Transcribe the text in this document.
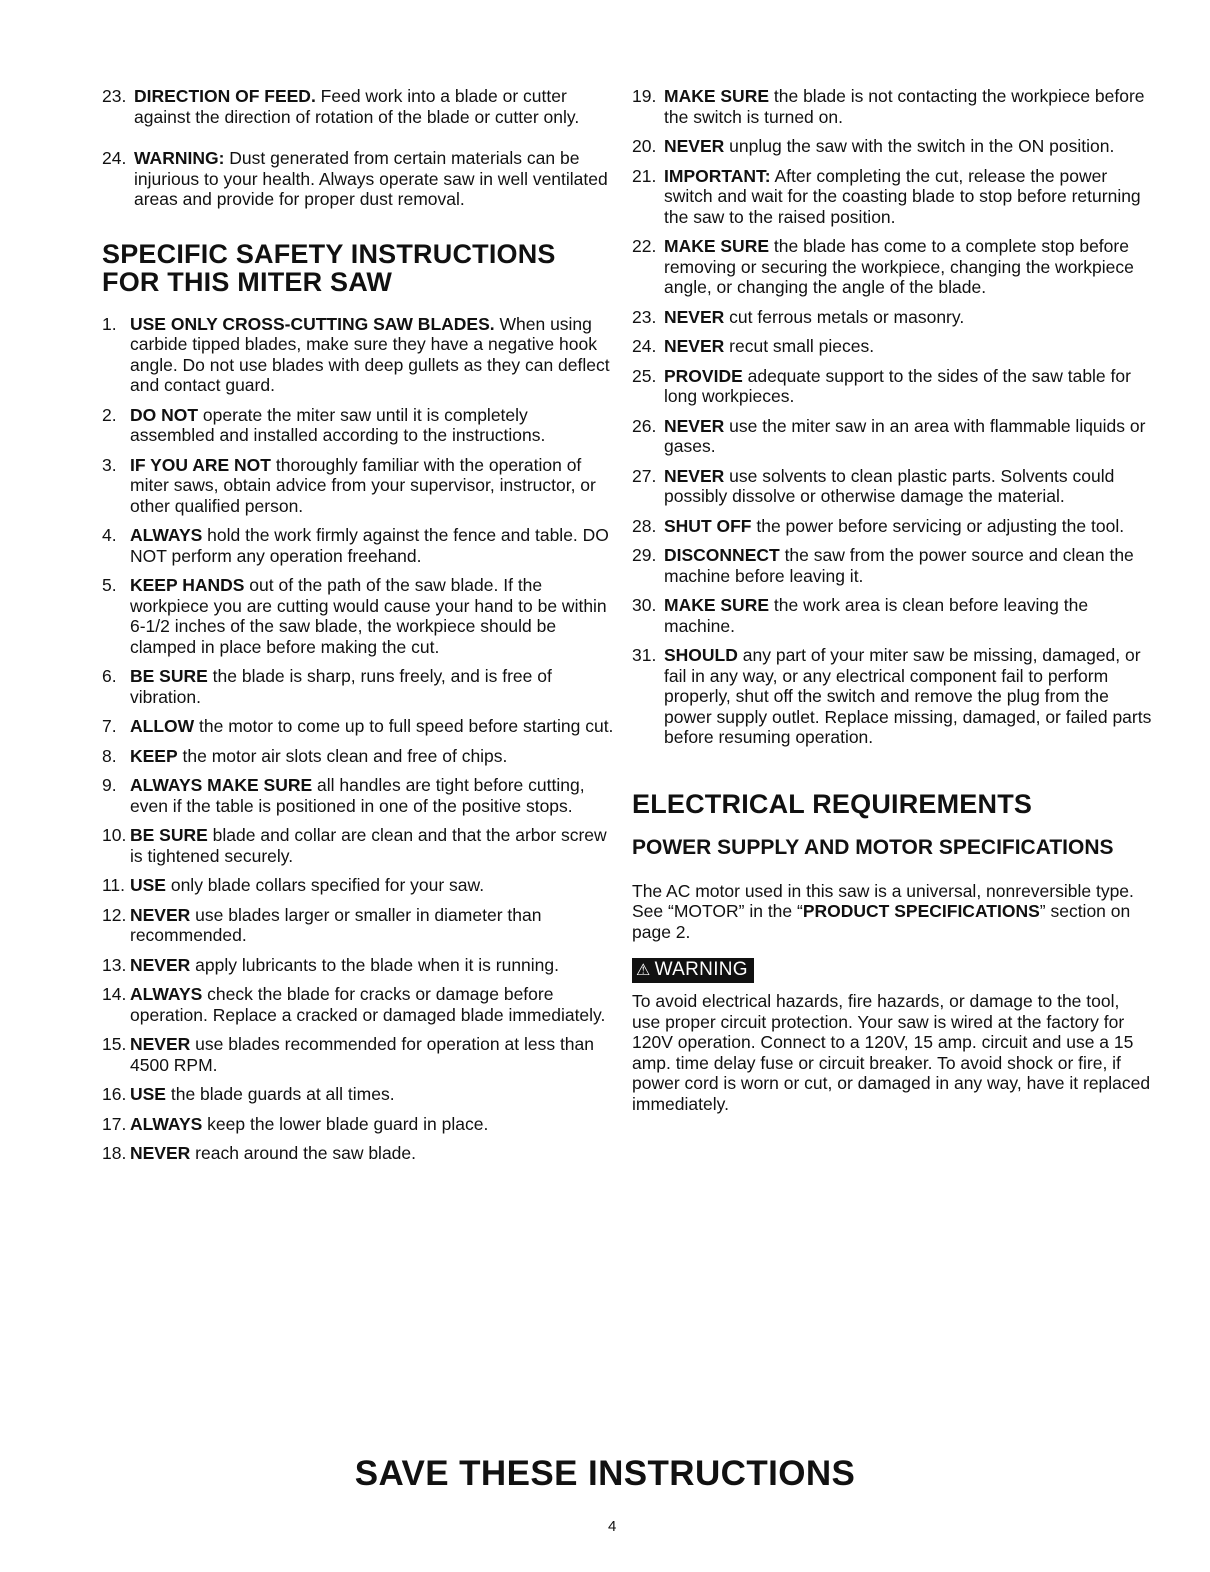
23. DIRECTION OF FEED. Feed work into a blade or cutter against the direction of rotation of the blade or cutter only.
24. WARNING: Dust generated from certain materials can be injurious to your health. Always operate saw in well ventilated areas and provide for proper dust removal.
SPECIFIC SAFETY INSTRUCTIONS FOR THIS MITER SAW
1. USE ONLY CROSS-CUTTING SAW BLADES. When using carbide tipped blades, make sure they have a negative hook angle. Do not use blades with deep gullets as they can deflect and contact guard.
2. DO NOT operate the miter saw until it is completely assembled and installed according to the instructions.
3. IF YOU ARE NOT thoroughly familiar with the operation of miter saws, obtain advice from your supervisor, instructor, or other qualified person.
4. ALWAYS hold the work firmly against the fence and table. DO NOT perform any operation freehand.
5. KEEP HANDS out of the path of the saw blade. If the workpiece you are cutting would cause your hand to be within 6-1/2 inches of the saw blade, the workpiece should be clamped in place before making the cut.
6. BE SURE the blade is sharp, runs freely, and is free of vibration.
7. ALLOW the motor to come up to full speed before starting cut.
8. KEEP the motor air slots clean and free of chips.
9. ALWAYS MAKE SURE all handles are tight before cutting, even if the table is positioned in one of the positive stops.
10. BE SURE blade and collar are clean and that the arbor screw is tightened securely.
11. USE only blade collars specified for your saw.
12. NEVER use blades larger or smaller in diameter than recommended.
13. NEVER apply lubricants to the blade when it is running.
14. ALWAYS check the blade for cracks or damage before operation. Replace a cracked or damaged blade immediately.
15. NEVER use blades recommended for operation at less than 4500 RPM.
16. USE the blade guards at all times.
17. ALWAYS keep the lower blade guard in place.
18. NEVER reach around the saw blade.
19. MAKE SURE the blade is not contacting the workpiece before the switch is turned on.
20. NEVER unplug the saw with the switch in the ON position.
21. IMPORTANT: After completing the cut, release the power switch and wait for the coasting blade to stop before returning the saw to the raised position.
22. MAKE SURE the blade has come to a complete stop before removing or securing the workpiece, changing the workpiece angle, or changing the angle of the blade.
23. NEVER cut ferrous metals or masonry.
24. NEVER recut small pieces.
25. PROVIDE adequate support to the sides of the saw table for long workpieces.
26. NEVER use the miter saw in an area with flammable liquids or gases.
27. NEVER use solvents to clean plastic parts. Solvents could possibly dissolve or otherwise damage the material.
28. SHUT OFF the power before servicing or adjusting the tool.
29. DISCONNECT the saw from the power source and clean the machine before leaving it.
30. MAKE SURE the work area is clean before leaving the machine.
31. SHOULD any part of your miter saw be missing, damaged, or fail in any way, or any electrical component fail to perform properly, shut off the switch and remove the plug from the power supply outlet. Replace missing, damaged, or failed parts before resuming operation.
ELECTRICAL REQUIREMENTS
POWER SUPPLY AND MOTOR SPECIFICATIONS
The AC motor used in this saw is a universal, nonreversible type. See “MOTOR” in the “PRODUCT SPECIFICATIONS” section on page 2.
⚠ WARNING
To avoid electrical hazards, fire hazards, or damage to the tool, use proper circuit protection. Your saw is wired at the factory for 120V operation. Connect to a 120V, 15 amp. circuit and use a 15 amp. time delay fuse or circuit breaker. To avoid shock or fire, if power cord is worn or cut, or damaged in any way, have it replaced immediately.
SAVE THESE INSTRUCTIONS
4
